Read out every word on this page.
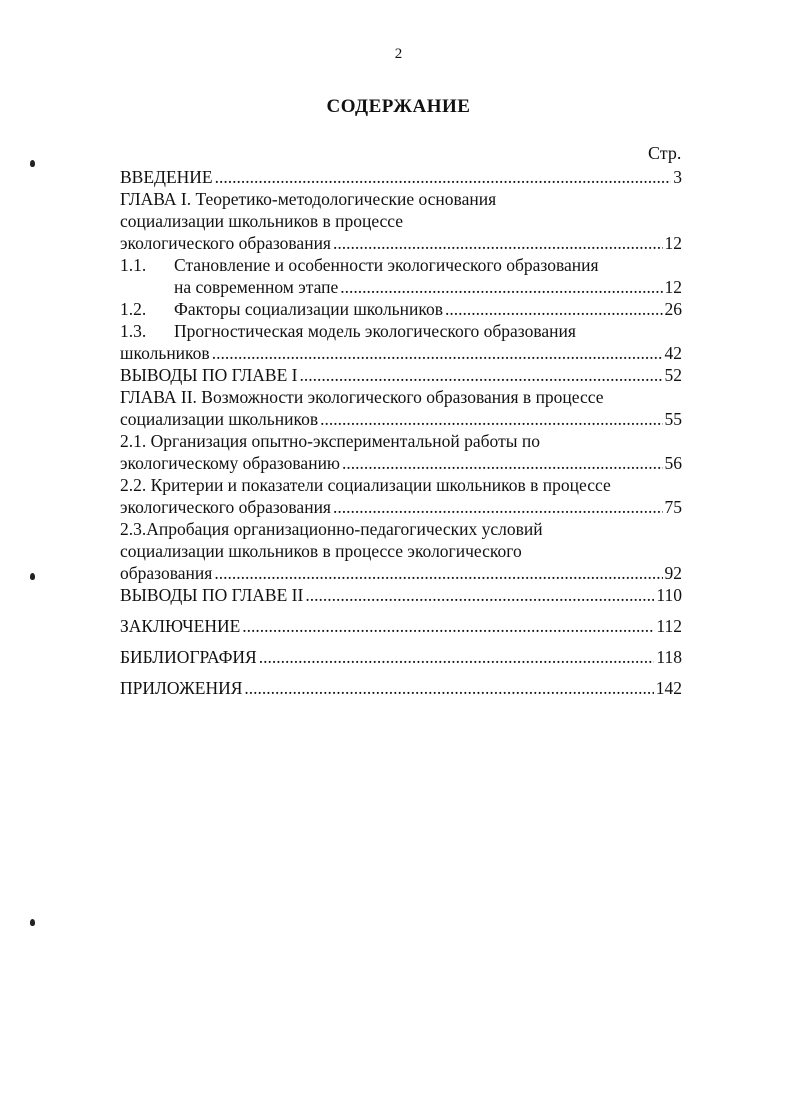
2
СОДЕРЖАНИЕ
Стр.
ВВЕДЕНИЕ .....	3
ГЛАВА I. Теоретико-методологические основания
социализации школьников в процессе
экологического образования .....	12
1.1.	Становление и особенности экологического образования
на современном этапе .....	12
1.2.	Факторы социализации школьников .....	26
1.3.	Прогностическая модель экологического образования
школьников .....	42
ВЫВОДЫ ПО ГЛАВЕ I .....	52
ГЛАВА II. Возможности экологического образования в процессе
социализации школьников .....	55
2.1. Организация опытно-экспериментальной работы по
экологическому образованию .....	56
2.2. Критерии и показатели социализации школьников в процессе
экологического образования .....	75
2.3.Апробация организационно-педагогических условий
социализации школьников в процессе экологического
образования .....	92
ВЫВОДЫ ПО ГЛАВЕ II .....	110
ЗАКЛЮЧЕНИЕ .....	112
БИБЛИОГРАФИЯ .....	118
ПРИЛОЖЕНИЯ .....	142
